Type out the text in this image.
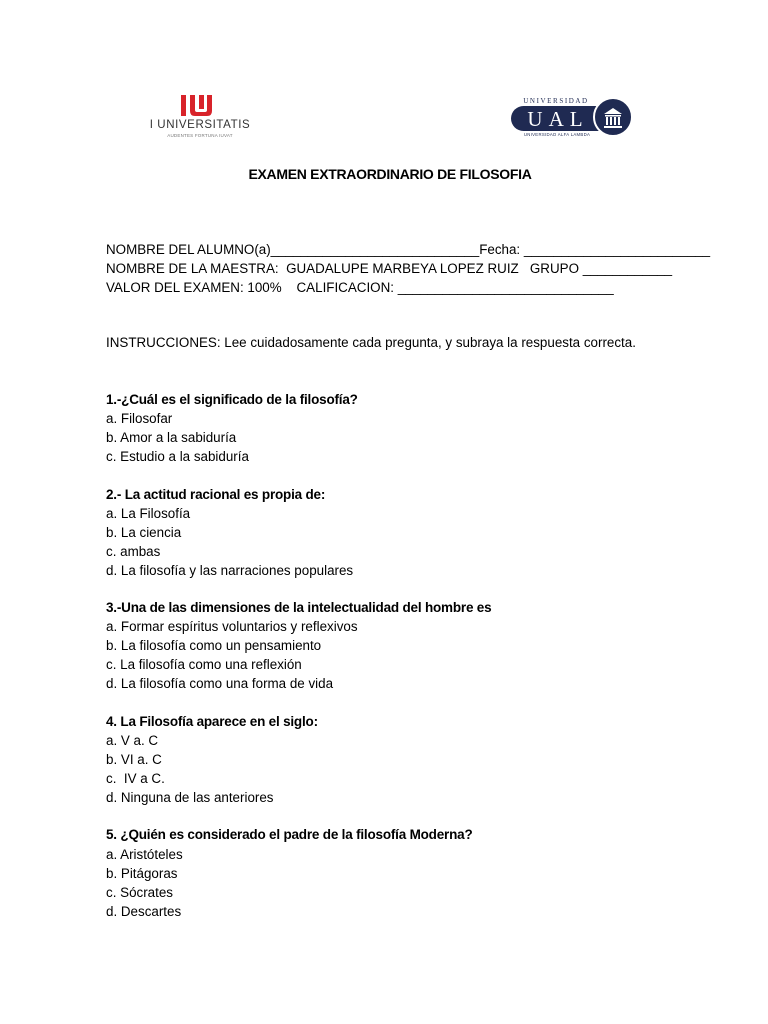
I UNIVERSITATIS
AUDENTES FORTUNA IUVAT
UNIVERSIDAD
UAL
UNIVERSIDAD ALFA LAMBDA
EXAMEN EXTRAORDINARIO DE FILOSOFIA
NOMBRE DEL ALUMNO(a)____________________________Fecha: _________________________
NOMBRE DE LA MAESTRA:  GUADALUPE MARBEYA LOPEZ RUIZ   GRUPO ____________
VALOR DEL EXAMEN: 100%    CALIFICACION: _____________________________
INSTRUCCIONES: Lee cuidadosamente cada pregunta, y subraya la respuesta correcta.
1.-¿Cuál es el significado de la filosofía?
a. Filosofar
b. Amor a la sabiduría
c. Estudio a la sabiduría
2.- La actitud racional es propia de:
a. La Filosofía
b. La ciencia
c. ambas
d. La filosofía y las narraciones populares
3.-Una de las dimensiones de la intelectualidad del hombre es
a. Formar espíritus voluntarios y reflexivos
b. La filosofía como un pensamiento
c. La filosofía como una reflexión
d. La filosofía como una forma de vida
4. La Filosofía aparece en el siglo:
a. V a. C
b. VI a. C
c.  IV a C.
d. Ninguna de las anteriores
5. ¿Quién es considerado el padre de la filosofía Moderna?
a. Aristóteles
b. Pitágoras
c. Sócrates
d. Descartes
